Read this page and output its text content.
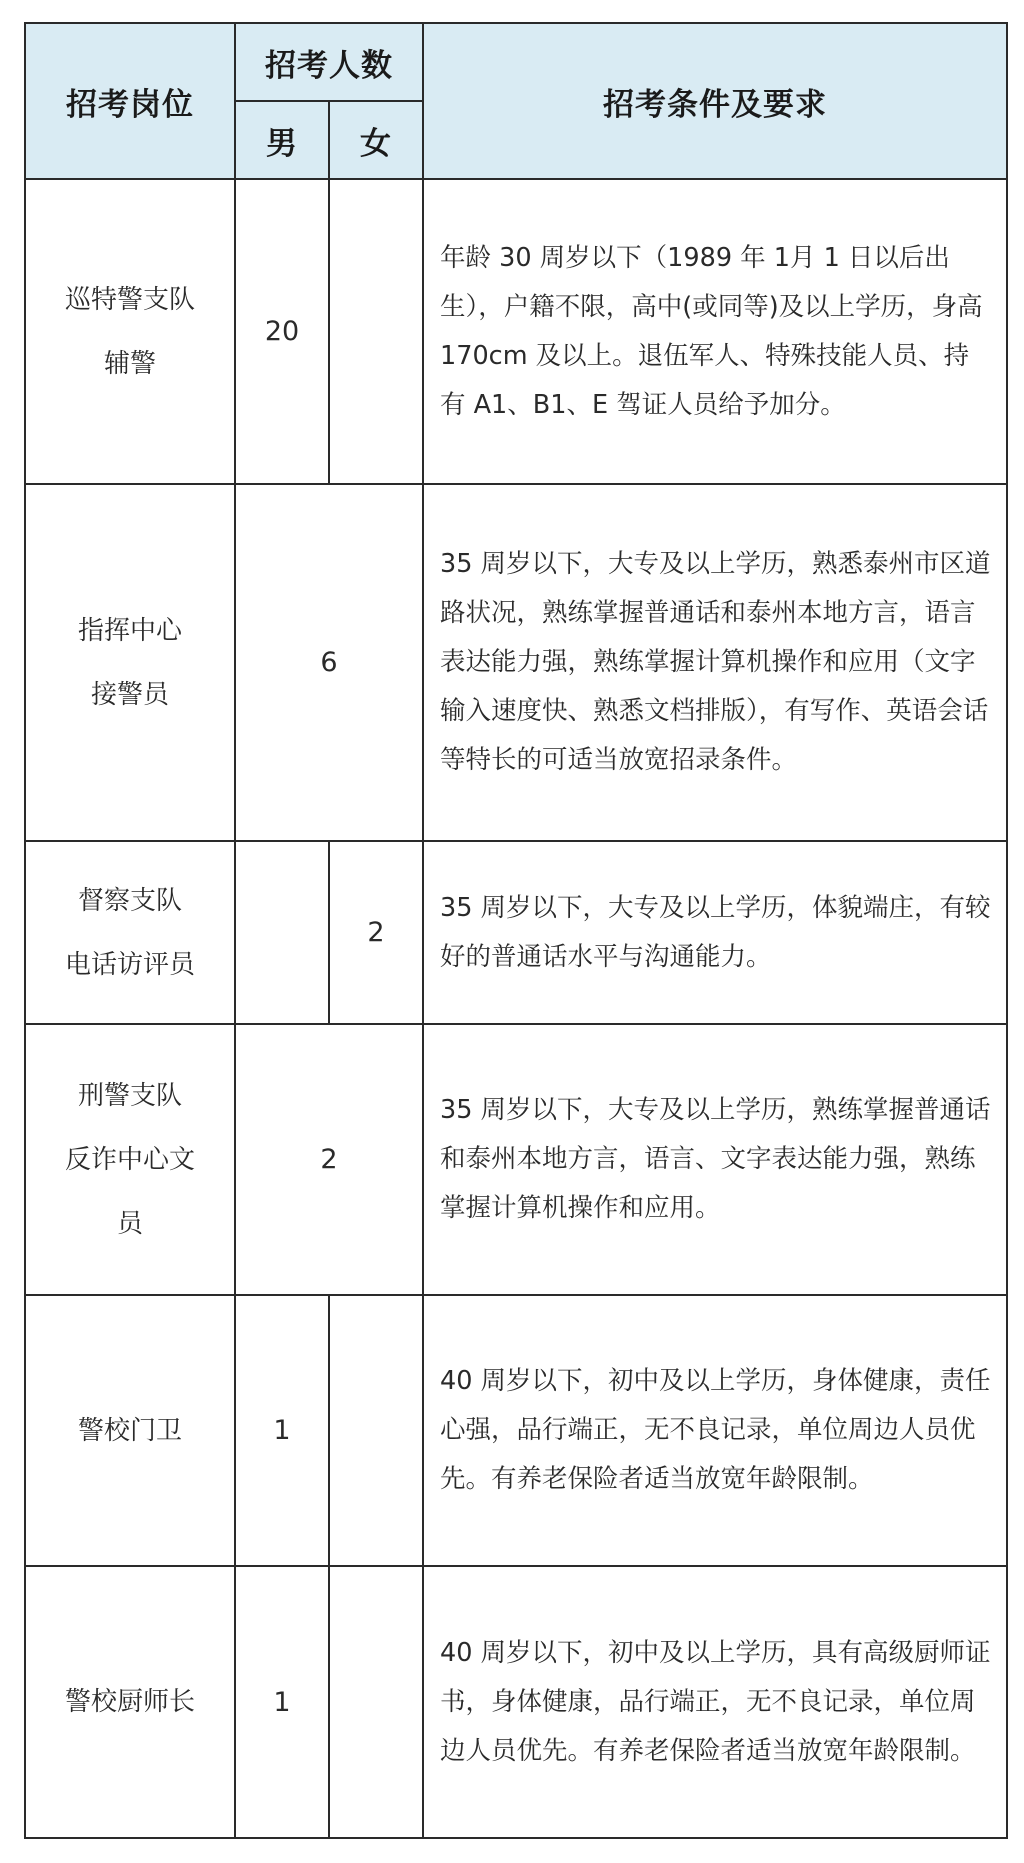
招考岗位	招考人数		招考条件及要求
	男	女	

巡特警支队
辅警	20		年龄 30 周岁以下（1989 年 1月 1 日以后出生），户籍不限，高中(或同等)及以上学历，身高 170cm 及以上。退伍军人、特殊技能人员、持有 A1、B1、E 驾证人员给予加分。

指挥中心
接警员	6		35 周岁以下，大专及以上学历，熟悉泰州市区道路状况，熟练掌握普通话和泰州本地方言，语言表达能力强，熟练掌握计算机操作和应用（文字输入速度快、熟悉文档排版），有写作、英语会话等特长的可适当放宽招录条件。

督察支队
电话访评员		2	35 周岁以下，大专及以上学历，体貌端庄，有较好的普通话水平与沟通能力。

刑警支队
反诈中心文
员	2		35 周岁以下，大专及以上学历，熟练掌握普通话和泰州本地方言，语言、文字表达能力强，熟练掌握计算机操作和应用。

警校门卫	1		40 周岁以下，初中及以上学历，身体健康，责任心强，品行端正，无不良记录，单位周边人员优先。有养老保险者适当放宽年龄限制。

警校厨师长	1		40 周岁以下，初中及以上学历，具有高级厨师证书，身体健康，品行端正，无不良记录，单位周边人员优先。有养老保险者适当放宽年龄限制。
